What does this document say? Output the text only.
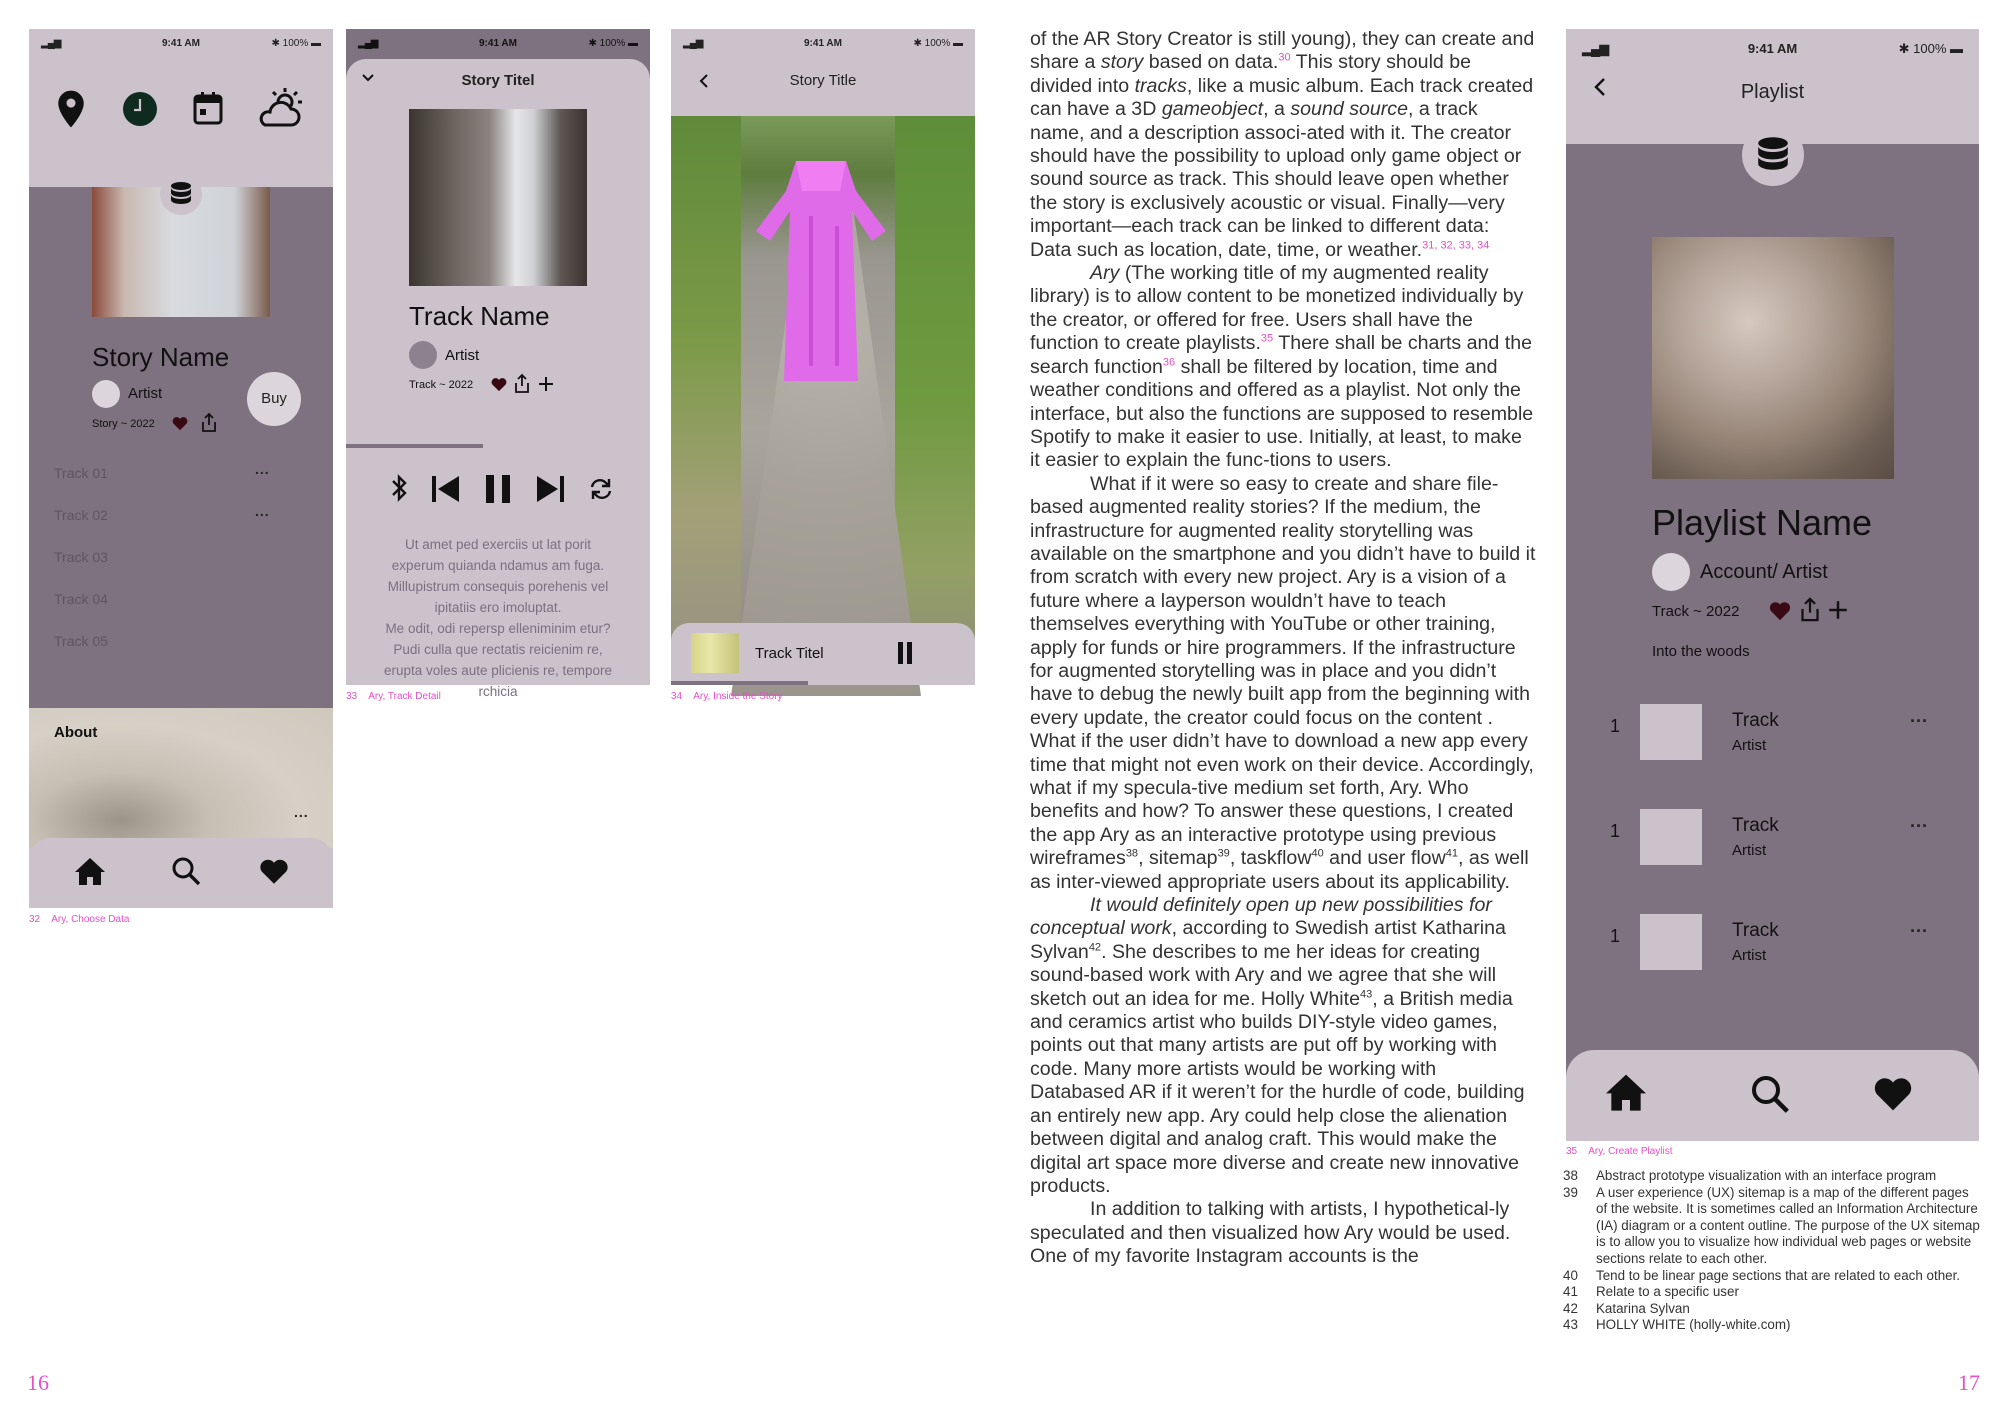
▂▄▆	9:41 AM	✱ 100% ▬
Story Name
Artist
Story ~ 2022
Buy
Track 01
Track 02
Track 03
Track 04
Track 05
...
...
About
...
32 Ary, Choose Data
▂▄▆	9:41 AM	✱ 100% ▬
Story Titel
Track Name
Artist
Track ~ 2022
Ut amet ped exerciis ut lat porit experum quianda ndamus am fuga. Millupistrum consequis porehenis vel ipitatiis ero imoluptat.
Me odit, odi repersp elleniminim etur? Pudi culla que rectatis reicienim re, erupta voles aute plicienis re, tempore rchicia
33 Ary, Track Detail
▂▄▆	9:41 AM	✱ 100% ▬
Story Title
Track Titel
34 Ary, Inside the Story

of the AR Story Creator is still young), they can create and share a story based on data.$^{30}$ This story should be divided into tracks, like a music album. Each track created can have a 3D gameobject, a sound source, a track name, and a description associ-ated with it. The creator should have the possibility to upload only game object or sound source as track. This should leave open whether the story is exclusively acoustic or visual. Finally—very important—each track can be linked to different data: Data such as location, date, time, or weather.$^{31, 32, 33, 34}$

Ary (The working title of my augmented reality library) is to allow content to be monetized individually by the creator, or offered for free. Users shall have the function to create playlists.$^{35}$ There shall be charts and the search function$^{36}$ shall be filtered by location, time and weather conditions and offered as a playlist. Not only the interface, but also the functions are supposed to resemble Spotify to make it easier to use. Initially, at least, to make it easier to explain the func-tions to users.

What if it were so easy to create and share file-based augmented reality stories? If the medium, the infrastructure for augmented reality storytelling was available on the smartphone and you didn’t have to build it from scratch with every new project. Ary is a vision of a future where a layperson wouldn’t have to teach themselves everything with YouTube or other training, apply for funds or hire programmers. If the infrastructure for augmented storytelling was in place and you didn’t have to debug the newly built app from the beginning with every update, the creator could focus on the content . What if the user didn’t have to download a new app every time that might not even work on their device. Accordingly, what if my specula-tive medium set forth, Ary. Who benefits and how? To answer these questions, I created the app Ary as an interactive prototype using previous wireframes$^{38}$, sitemap$^{39}$, taskflow$^{40}$ and user flow$^{41}$, as well as inter-viewed appropriate users about its applicability.

It would definitely open up new possibilities for conceptual work, according to Swedish artist Katharina Sylvan$^{42}$. She describes to me her ideas for creating sound-based work with Ary and we agree that she will sketch out an idea for me. Holly White$^{43}$, a British media and ceramics artist who builds DIY-style video games, points out that many artists are put off by working with code. Many more artists would be working with Databased AR if it weren’t for the hurdle of code, building an entirely new app. Ary could help close the alienation between digital and analog craft. This would make the digital art space more diverse and create new innovative products.

In addition to talking with artists, I hypothetical-ly speculated and then visualized how Ary would be used. One of my favorite Instagram accounts is the

▂▄▆	9:41 AM	✱ 100% ▬
Playlist
Playlist Name
Account/ Artist
Track ~ 2022
Into the woods
1	Track
Artist
...
1	Track
Artist
...
1	Track
Artist
...
35 Ary, Create Playlist
38	Abstract prototype visualization with an interface program
39	A user experience (UX) sitemap is a map of the different pages of the website. It is sometimes called an Information Architecture (IA) diagram or a content outline. The purpose of the UX sitemap is to allow you to visualize how individual web pages or website sections relate to each other.
40	Tend to be linear page sections that are related to each other.
41	Relate to a specific user
42	Katarina Sylvan
43	HOLLY WHITE (holly-white.com)
16	17
